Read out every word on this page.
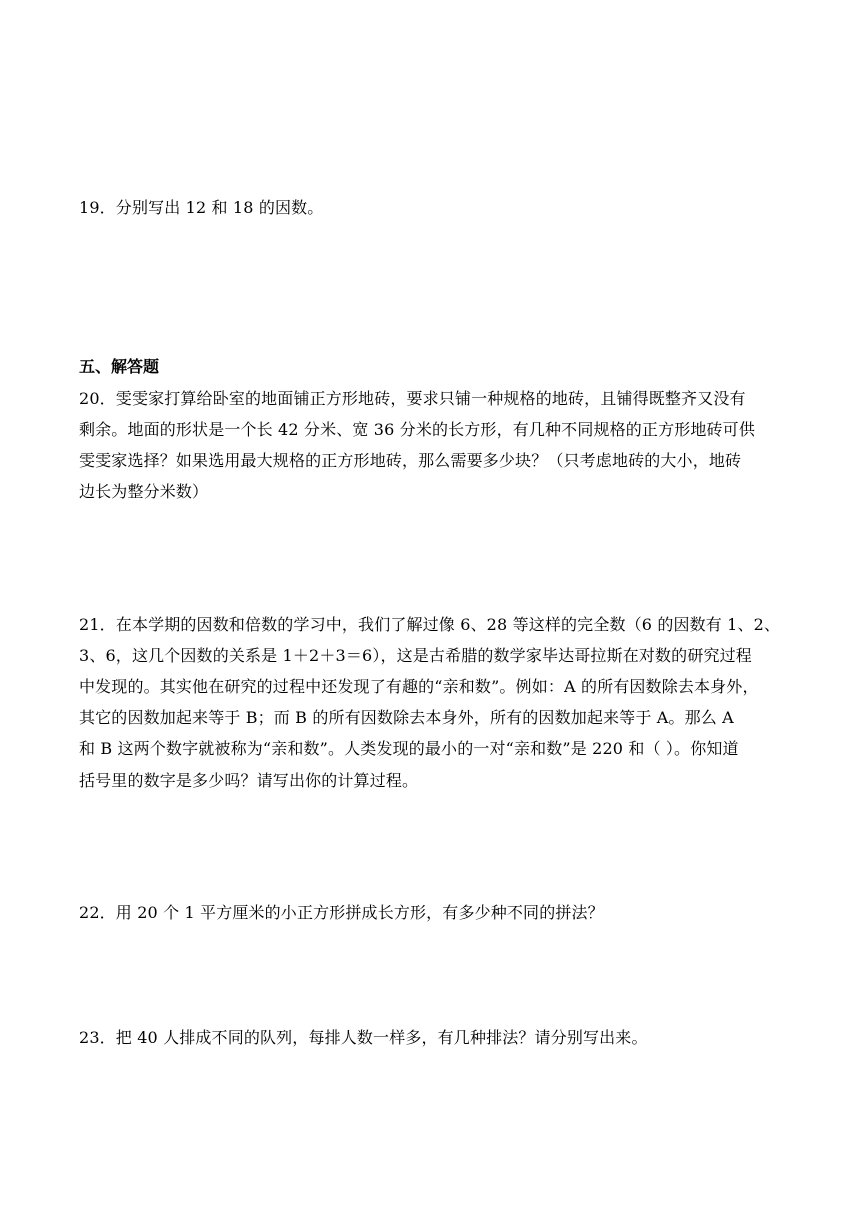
19．分别写出 12 和 18 的因数。
五、解答题
20．雯雯家打算给卧室的地面铺正方形地砖，要求只铺一种规格的地砖，且铺得既整齐又没有
剩余。地面的形状是一个长 42 分米、宽 36 分米的长方形，有几种不同规格的正方形地砖可供
雯雯家选择？如果选用最大规格的正方形地砖，那么需要多少块？（只考虑地砖的大小，地砖
边长为整分米数）
21．在本学期的因数和倍数的学习中，我们了解过像 6、28 等这样的完全数（6 的因数有 1、2、
3、6，这几个因数的关系是 1＋2＋3＝6），这是古希腊的数学家毕达哥拉斯在对数的研究过程
中发现的。其实他在研究的过程中还发现了有趣的“亲和数”。例如：A 的所有因数除去本身外，
其它的因数加起来等于 B；而 B 的所有因数除去本身外，所有的因数加起来等于 A。那么 A
和 B 这两个数字就被称为“亲和数”。人类发现的最小的一对“亲和数”是 220 和（ ）。你知道
括号里的数字是多少吗？请写出你的计算过程。
22．用 20 个 1 平方厘米的小正方形拼成长方形，有多少种不同的拼法？
23．把 40 人排成不同的队列，每排人数一样多，有几种排法？请分别写出来。
